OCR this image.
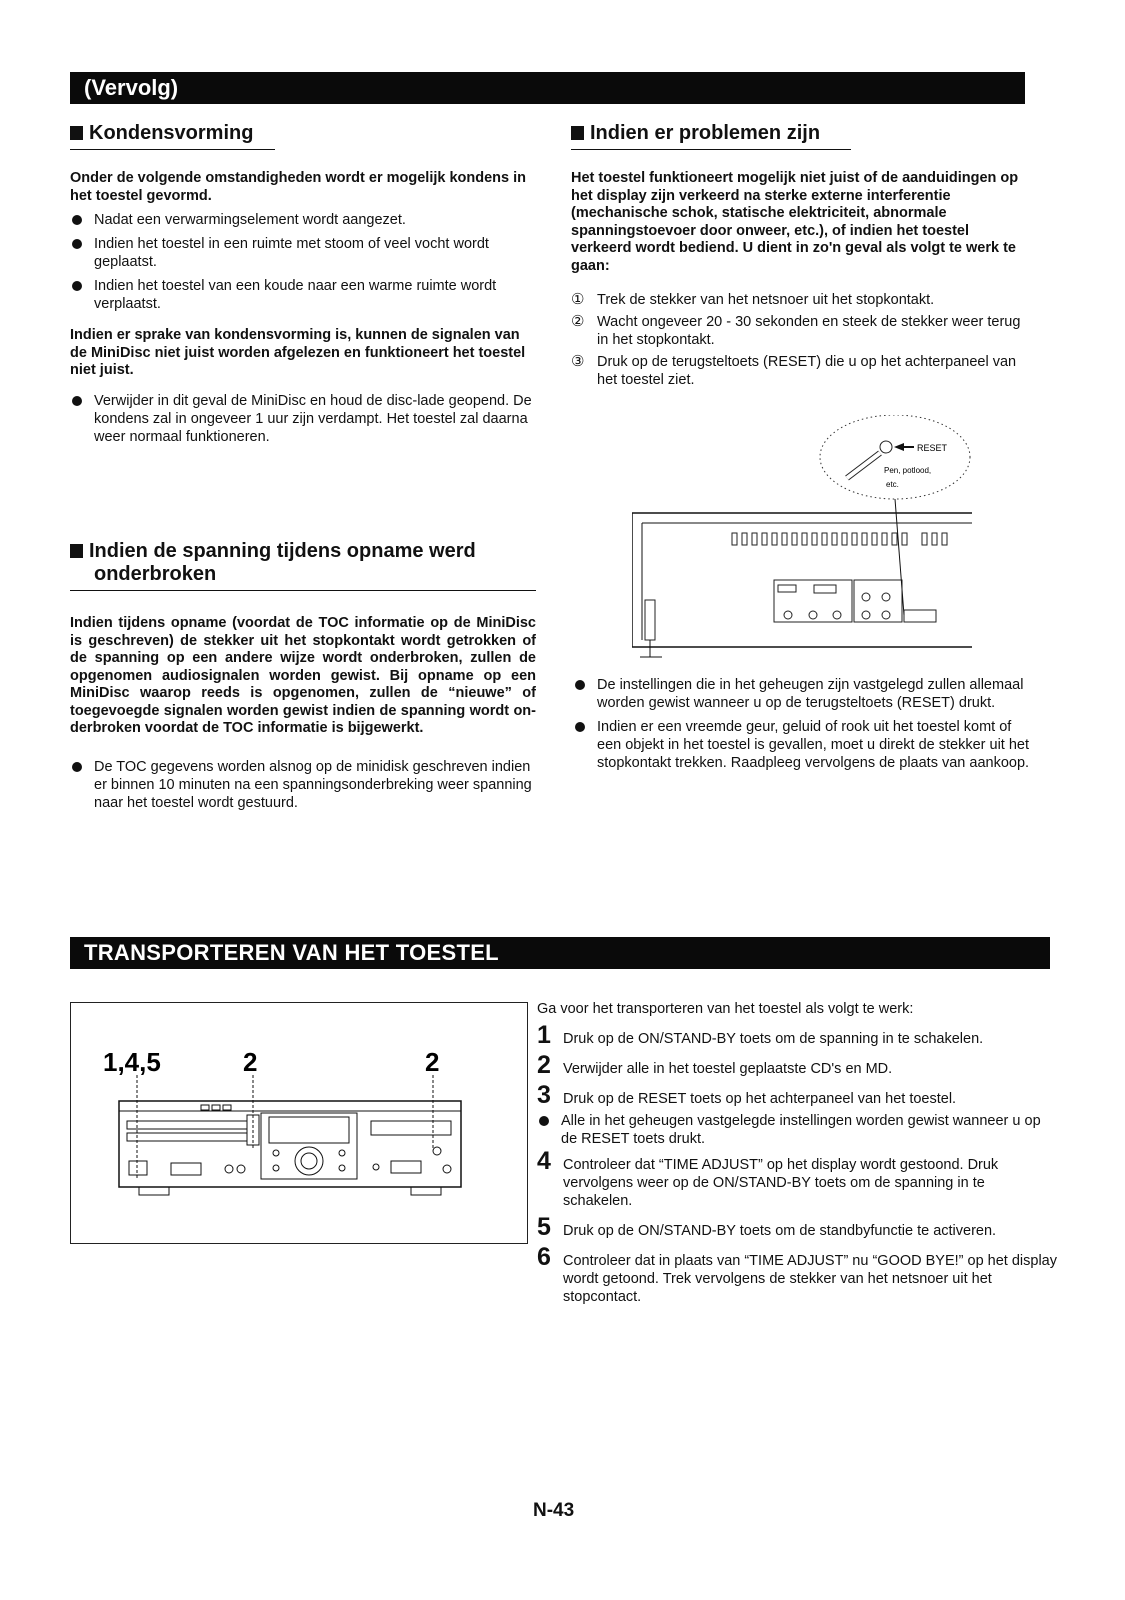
(Vervolg)
Kondensvorming
Onder de volgende omstandigheden wordt er mogelijk kondens in het toestel gevormd.
Nadat een verwarmingselement wordt aangezet.
Indien het toestel in een ruimte met stoom of veel vocht wordt geplaatst.
Indien het toestel van een koude naar een warme ruimte wordt verplaatst.
Indien er sprake van kondensvorming is, kunnen de signalen van de MiniDisc niet juist worden afgelezen en funktioneert het toestel niet juist.
Verwijder in dit geval de MiniDisc en houd de disc-lade geopend. De kondens zal in ongeveer 1 uur zijn verdampt. Het toestel zal daarna weer normaal funktioneren.
Indien de spanning tijdens opname werd
onderbroken
Indien tijdens opname (voordat de TOC informatie op de MiniDisc is geschreven) de stekker uit het stopkontakt wordt getrokken of de spanning op een andere wijze wordt onderbroken, zullen de opgenomen audiosignalen worden gewist. Bij opname op een MiniDisc waarop reeds is opgenomen, zullen de “nieuwe” of toegevoegde signalen worden gewist indien de spanning wordt on-derbroken voordat de TOC informatie is bijgewerkt.
De TOC gegevens worden alsnog op de minidisk geschreven indien er binnen 10 minuten na een spanningsonderbreking weer spanning naar het toestel wordt gestuurd.
Indien er problemen zijn
Het toestel funktioneert mogelijk niet juist of de aanduidingen op het display zijn verkeerd na sterke externe interferentie (mechanische schok, statische elektriciteit, abnormale spanningstoevoer door onweer, etc.), of indien het toestel verkeerd wordt bediend. U dient in zo'n geval als volgt te werk te gaan:
① Trek de stekker van het netsnoer uit het stopkontakt.
② Wacht ongeveer 20 - 30 sekonden en steek de stekker weer terug in het stopkontakt.
③ Druk op de terugsteltoets (RESET) die u op het achterpaneel van het toestel ziet.
RESET
Pen, potlood,
etc.
De instellingen die in het geheugen zijn vastgelegd zullen allemaal worden gewist wanneer u op de terugsteltoets (RESET) drukt.
Indien er een vreemde geur, geluid of rook uit het toestel komt of een objekt in het toestel is gevallen, moet u direkt de stekker uit het stopkontakt trekken. Raadpleeg vervolgens de plaats van aankoop.
TRANSPORTEREN VAN HET TOESTEL
1,4,5	2	2
Ga voor het transporteren van het toestel als volgt te werk:
1 Druk op de ON/STAND-BY toets om de spanning in te schakelen.
2 Verwijder alle in het toestel geplaatste CD's en MD.
3 Druk op de RESET toets op het achterpaneel van het toestel.
Alle in het geheugen vastgelegde instellingen worden gewist wanneer u op de RESET toets drukt.
4 Controleer dat “TIME ADJUST” op het display wordt gestoond. Druk vervolgens weer op de ON/STAND-BY toets om de spanning in te schakelen.
5 Druk op de ON/STAND-BY toets om de standbyfunctie te activeren.
6 Controleer dat in plaats van “TIME ADJUST” nu “GOOD BYE!” op het display wordt getoond. Trek vervolgens de stekker van het netsnoer uit het stopcontact.
N-43
